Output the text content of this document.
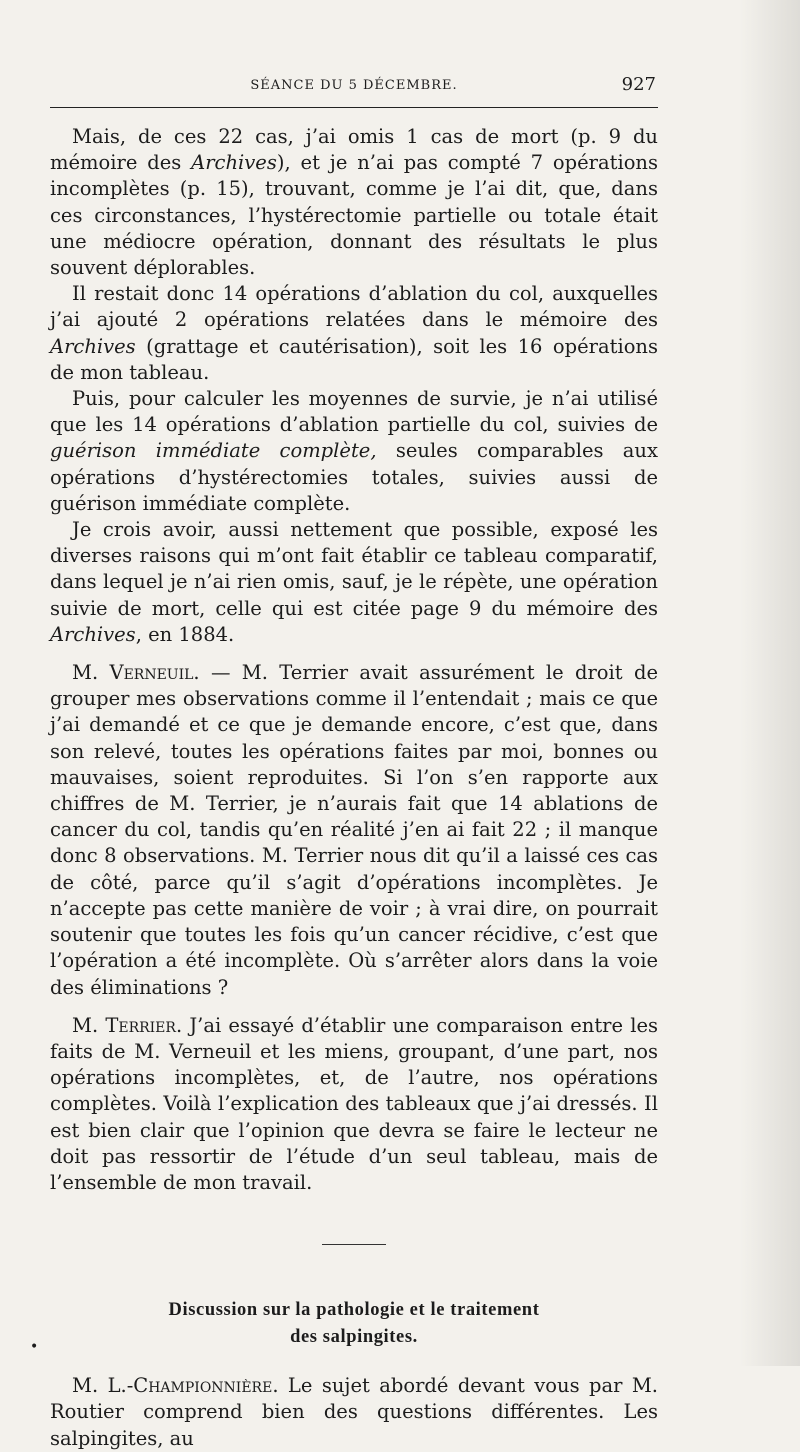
SÉANCE DU 5 DÉCEMBRE.	927

Mais, de ces 22 cas, j’ai omis 1 cas de mort (p. 9 du mémoire des Archives), et je n’ai pas compté 7 opérations incomplètes (p. 15), trouvant, comme je l’ai dit, que, dans ces circonstances, l’hystérectomie partielle ou totale était une médiocre opération, donnant des résultats le plus souvent déplorables.

Il restait donc 14 opérations d’ablation du col, auxquelles j’ai ajouté 2 opérations relatées dans le mémoire des Archives (grattage et cautérisation), soit les 16 opérations de mon tableau.

Puis, pour calculer les moyennes de survie, je n’ai utilisé que les 14 opérations d’ablation partielle du col, suivies de guérison immédiate complète, seules comparables aux opérations d’hystérectomies totales, suivies aussi de guérison immédiate complète.

Je crois avoir, aussi nettement que possible, exposé les diverses raisons qui m’ont fait établir ce tableau comparatif, dans lequel je n’ai rien omis, sauf, je le répète, une opération suivie de mort, celle qui est citée page 9 du mémoire des Archives, en 1884.

M. Verneuil. — M. Terrier avait assurément le droit de grouper mes observations comme il l’entendait ; mais ce que j’ai demandé et ce que je demande encore, c’est que, dans son relevé, toutes les opérations faites par moi, bonnes ou mauvaises, soient reproduites. Si l’on s’en rapporte aux chiffres de M. Terrier, je n’aurais fait que 14 ablations de cancer du col, tandis qu’en réalité j’en ai fait 22 ; il manque donc 8 observations. M. Terrier nous dit qu’il a laissé ces cas de côté, parce qu’il s’agit d’opérations incomplètes. Je n’accepte pas cette manière de voir ; à vrai dire, on pourrait soutenir que toutes les fois qu’un cancer récidive, c’est que l’opération a été incomplète. Où s’arrêter alors dans la voie des éliminations ?

M. Terrier. J’ai essayé d’établir une comparaison entre les faits de M. Verneuil et les miens, groupant, d’une part, nos opérations incomplètes, et, de l’autre, nos opérations complètes. Voilà l’explication des tableaux que j’ai dressés. Il est bien clair que l’opinion que devra se faire le lecteur ne doit pas ressortir de l’étude d’un seul tableau, mais de l’ensemble de mon travail.

Discussion sur la pathologie et le traitement
des salpingites.

M. L.-Championnière. Le sujet abordé devant vous par M. Routier comprend bien des questions différentes. Les salpingites, au

•
